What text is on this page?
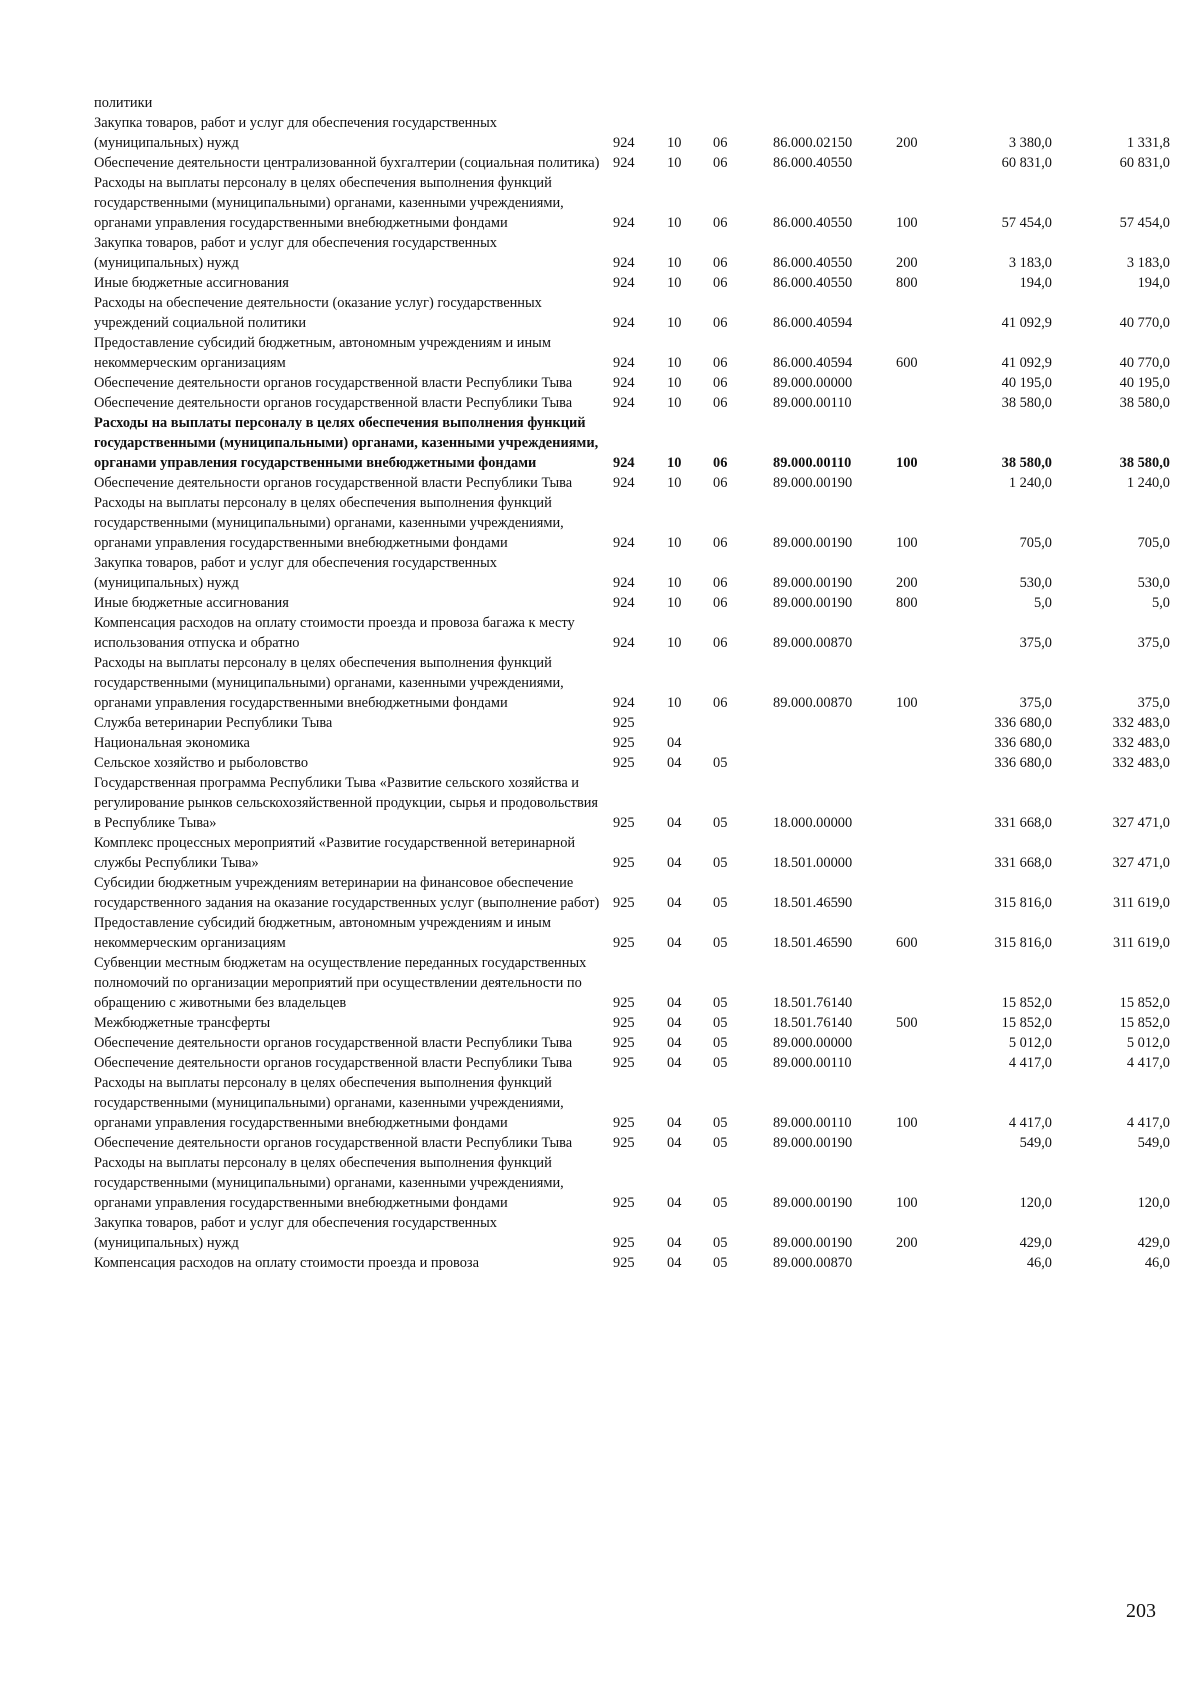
политики							
Закупка товаров, работ и услуг для обеспечения государственных (муниципальных) нужд	924	10	06	86.000.02150	200	3 380,0	1 331,8
Обеспечение деятельности централизованной бухгалтерии (социальная политика)	924	10	06	86.000.40550		60 831,0	60 831,0
Расходы на выплаты персоналу в целях обеспечения выполнения функций государственными (муниципальными) органами, казенными учреждениями, органами управления государственными внебюджетными фондами	924	10	06	86.000.40550	100	57 454,0	57 454,0
Закупка товаров, работ и услуг для обеспечения государственных (муниципальных) нужд	924	10	06	86.000.40550	200	3 183,0	3 183,0
Иные бюджетные ассигнования	924	10	06	86.000.40550	800	194,0	194,0
Расходы на обеспечение деятельности (оказание услуг) государственных учреждений социальной политики	924	10	06	86.000.40594		41 092,9	40 770,0
Предоставление субсидий бюджетным, автономным учреждениям и иным некоммерческим организациям	924	10	06	86.000.40594	600	41 092,9	40 770,0
Обеспечение деятельности органов государственной власти Республики Тыва	924	10	06	89.000.00000		40 195,0	40 195,0
Обеспечение деятельности органов государственной власти Республики Тыва	924	10	06	89.000.00110		38 580,0	38 580,0
Расходы на выплаты персоналу в целях обеспечения выполнения функций государственными (муниципальными) органами, казенными учреждениями, органами управления государственными внебюджетными фондами	924	10	06	89.000.00110	100	38 580,0	38 580,0
Обеспечение деятельности органов государственной власти Республики Тыва	924	10	06	89.000.00190		1 240,0	1 240,0
Расходы на выплаты персоналу в целях обеспечения выполнения функций государственными (муниципальными) органами, казенными учреждениями, органами управления государственными внебюджетными фондами	924	10	06	89.000.00190	100	705,0	705,0
Закупка товаров, работ и услуг для обеспечения государственных (муниципальных) нужд	924	10	06	89.000.00190	200	530,0	530,0
Иные бюджетные ассигнования	924	10	06	89.000.00190	800	5,0	5,0
Компенсация расходов на оплату стоимости проезда и провоза багажа к месту использования отпуска и обратно	924	10	06	89.000.00870		375,0	375,0
Расходы на выплаты персоналу в целях обеспечения выполнения функций государственными (муниципальными) органами, казенными учреждениями, органами управления государственными внебюджетными фондами	924	10	06	89.000.00870	100	375,0	375,0
Служба ветеринарии Республики Тыва	925					336 680,0	332 483,0
Национальная экономика	925	04				336 680,0	332 483,0
Сельское хозяйство и рыболовство	925	04	05			336 680,0	332 483,0
Государственная программа Республики Тыва «Развитие сельского хозяйства и регулирование рынков сельскохозяйственной продукции, сырья и продовольствия в Республике Тыва»	925	04	05	18.000.00000		331 668,0	327 471,0
Комплекс процессных мероприятий «Развитие государственной ветеринарной службы Республики Тыва»	925	04	05	18.501.00000		331 668,0	327 471,0
Субсидии бюджетным учреждениям ветеринарии на финансовое обеспечение государственного задания на оказание государственных услуг (выполнение работ)	925	04	05	18.501.46590		315 816,0	311 619,0
Предоставление субсидий бюджетным, автономным учреждениям и иным некоммерческим организациям	925	04	05	18.501.46590	600	315 816,0	311 619,0
Субвенции местным бюджетам на осуществление переданных государственных полномочий по организации мероприятий при осуществлении деятельности по обращению с животными без владельцев	925	04	05	18.501.76140		15 852,0	15 852,0
Межбюджетные трансферты	925	04	05	18.501.76140	500	15 852,0	15 852,0
Обеспечение деятельности органов государственной власти Республики Тыва	925	04	05	89.000.00000		5 012,0	5 012,0
Обеспечение деятельности органов государственной власти Республики Тыва	925	04	05	89.000.00110		4 417,0	4 417,0
Расходы на выплаты персоналу в целях обеспечения выполнения функций государственными (муниципальными) органами, казенными учреждениями, органами управления государственными внебюджетными фондами	925	04	05	89.000.00110	100	4 417,0	4 417,0
Обеспечение деятельности органов государственной власти Республики Тыва	925	04	05	89.000.00190		549,0	549,0
Расходы на выплаты персоналу в целях обеспечения выполнения функций государственными (муниципальными) органами, казенными учреждениями, органами управления государственными внебюджетными фондами	925	04	05	89.000.00190	100	120,0	120,0
Закупка товаров, работ и услуг для обеспечения государственных (муниципальных) нужд	925	04	05	89.000.00190	200	429,0	429,0
Компенсация расходов на оплату стоимости проезда и провоза	925	04	05	89.000.00870		46,0	46,0
203
